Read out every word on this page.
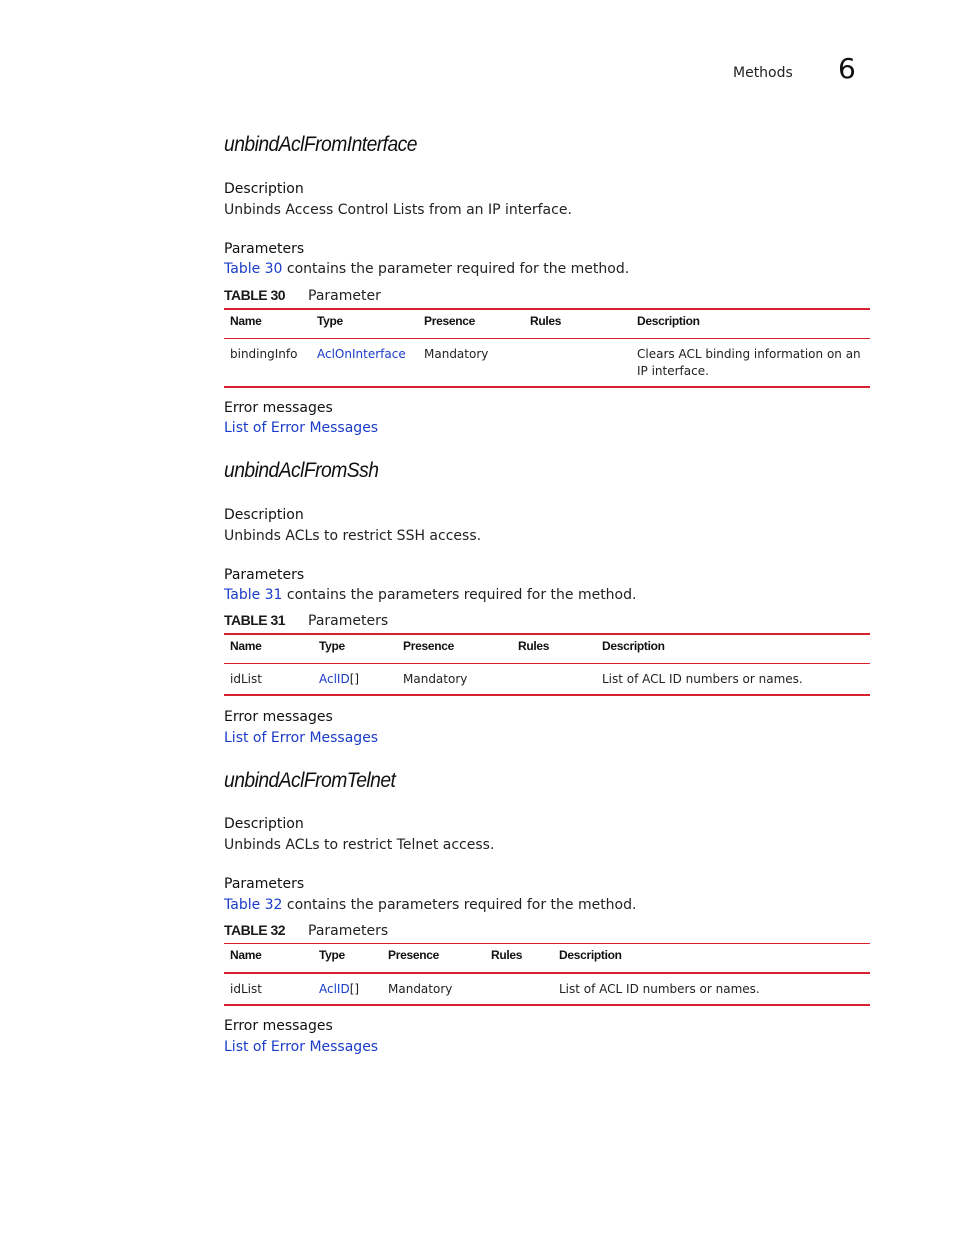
Methods 6
unbindAclFromInterface
Description
Unbinds Access Control Lists from an IP interface.
Parameters
Table 30 contains the parameter required for the method.
TABLE 30 Parameter
Name	Type	Presence	Rules	Description
bindingInfo	AclOnInterface	Mandatory		Clears ACL binding information on an IP interface.
Error messages
List of Error Messages
unbindAclFromSsh
Description
Unbinds ACLs to restrict SSH access.
Parameters
Table 31 contains the parameters required for the method.
TABLE 31 Parameters
Name	Type	Presence	Rules	Description
idList	AclID[]	Mandatory		List of ACL ID numbers or names.
Error messages
List of Error Messages
unbindAclFromTelnet
Description
Unbinds ACLs to restrict Telnet access.
Parameters
Table 32 contains the parameters required for the method.
TABLE 32 Parameters
Name	Type	Presence	Rules	Description
idList	AclID[]	Mandatory		List of ACL ID numbers or names.
Error messages
List of Error Messages
